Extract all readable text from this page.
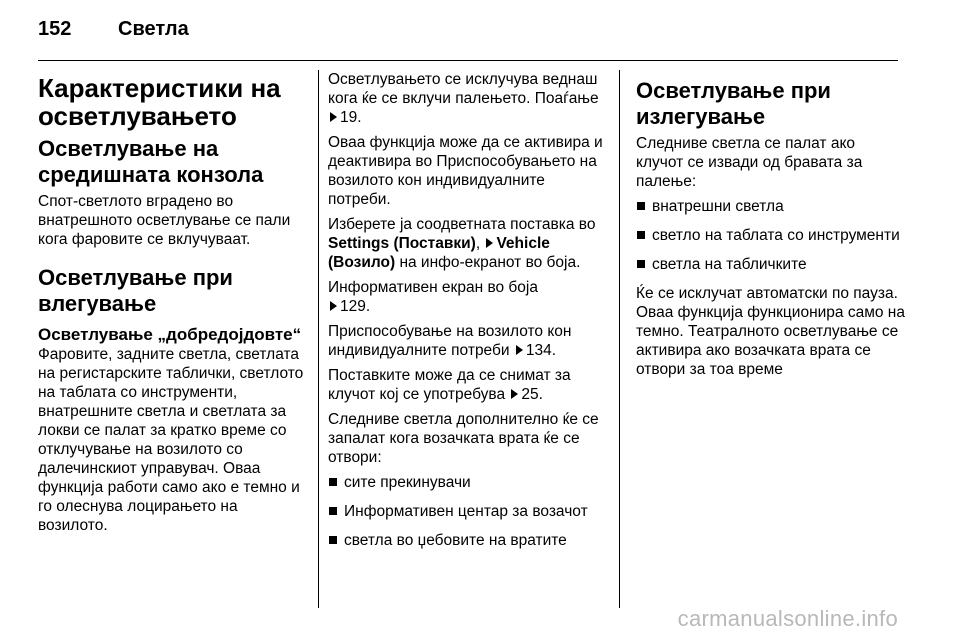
152	Светла
Карактеристики на осветлувањето
Осветлување на средишната конзола

Спот-светлото вградено во внатрешното осветлување се пали кога фаровите се вклучуваат.

Осветлување при влегување
Осветлување „добредојдовте“

Фаровите, задните светла, светлата на регистарските таблички, светлото на таблата со инструменти, внатрешните светла и светлата за локви се палат за кратко време со отклучување на возилото со далечинскиот управувач. Оваа функција работи само ако е темно и го олеснува лоцирањето на возилото.

Осветлувањето се исклучува веднаш кога ќе се вклучи палењето. Поаѓање 19.

Оваа функција може да се активира и деактивира во Приспособувањето на возилото кон индивидуалните потреби.

Изберете ја соодветната поставка во Settings (Поставки), Vehicle (Возило) на инфо-екранот во боја.

Информативен екран во боја
129.

Приспособување на возилото кон индивидуалните потреби 134.

Поставките може да се снимат за клучот кој се употребува 25.

Следниве светла дополнително ќе се запалат кога возачката врата ќе се отвори:

сите прекинувачи
Информативен центар за возачот
светла во џебовите на вратите
Осветлување при излегување

Следниве светла се палат ако клучот се извади од бравата за палење:

внатрешни светла
светло на таблата со инструменти
светла на табличките

Ќе се исклучат автоматски по пауза. Оваа функција функционира само на темно. Театралното осветлување се активира ако возачката врата се отвори за тоа време

carmanualsonline.info
